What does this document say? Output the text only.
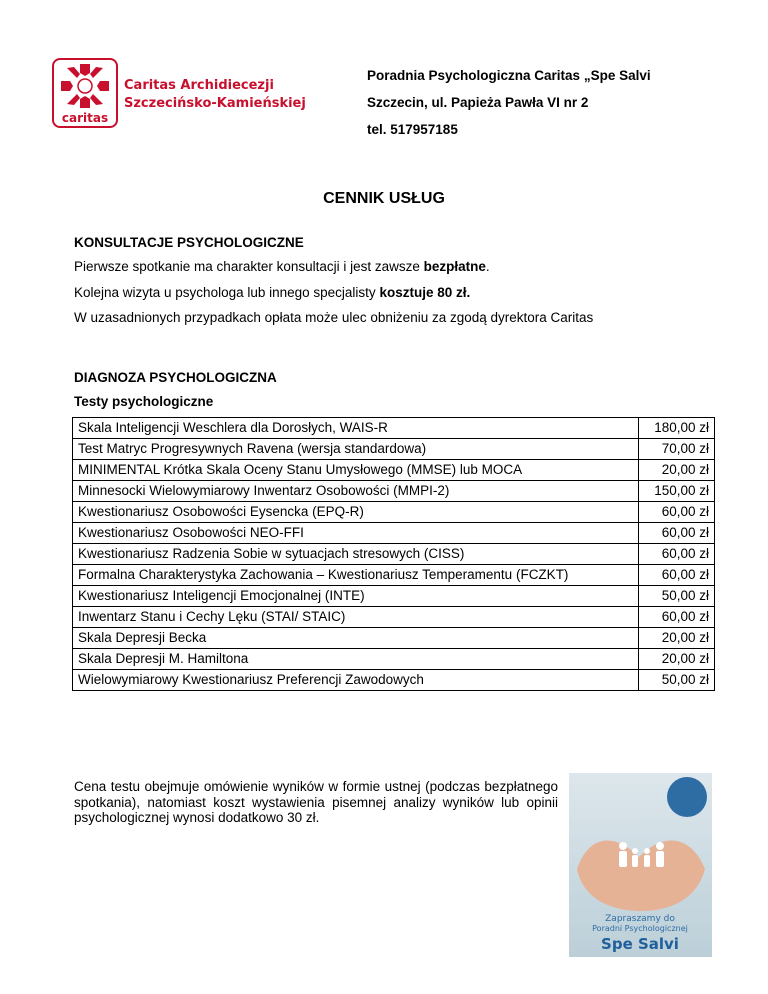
caritas
Caritas Archidiecezji
Szczecińsko-Kamieńskiej
Poradnia Psychologiczna Caritas „Spe Salvi
Szczecin, ul. Papieża Pawła VI nr 2
tel. 517957185
CENNIK USŁUG
KONSULTACJE PSYCHOLOGICZNE
Pierwsze spotkanie ma charakter konsultacji i jest zawsze bezpłatne.
Kolejna wizyta u psychologa lub innego specjalisty kosztuje 80 zł.
W uzasadnionych przypadkach opłata może ulec obniżeniu za zgodą dyrektora Caritas
DIAGNOZA PSYCHOLOGICZNA
Testy psychologiczne
Skala Inteligencji Weschlera dla Dorosłych, WAIS-R	180,00 zł
Test Matryc Progresywnych Ravena (wersja standardowa)	70,00 zł
MINIMENTAL Krótka Skala Oceny Stanu Umysłowego (MMSE) lub MOCA	20,00 zł
Minnesocki Wielowymiarowy Inwentarz Osobowości (MMPI-2)	150,00 zł
Kwestionariusz Osobowości Eysencka (EPQ-R)	60,00 zł
Kwestionariusz Osobowości NEO-FFI	60,00 zł
Kwestionariusz Radzenia Sobie w sytuacjach stresowych (CISS)	60,00 zł
Formalna Charakterystyka Zachowania – Kwestionariusz Temperamentu (FCZKT)	60,00 zł
Kwestionariusz Inteligencji Emocjonalnej (INTE)	50,00 zł
Inwentarz Stanu i Cechy Lęku (STAI/ STAIC)	60,00 zł
Skala Depresji Becka	20,00 zł
Skala Depresji M. Hamiltona	20,00 zł
Wielowymiarowy Kwestionariusz Preferencji Zawodowych	50,00 zł
Cena testu obejmuje omówienie wyników w formie ustnej (podczas bezpłatnego spotkania), natomiast koszt wystawienia pisemnej analizy wyników lub opinii psychologicznej wynosi dodatkowo 30 zł.
Zapraszamy do
Poradni Psychologicznej
Spe Salvi
